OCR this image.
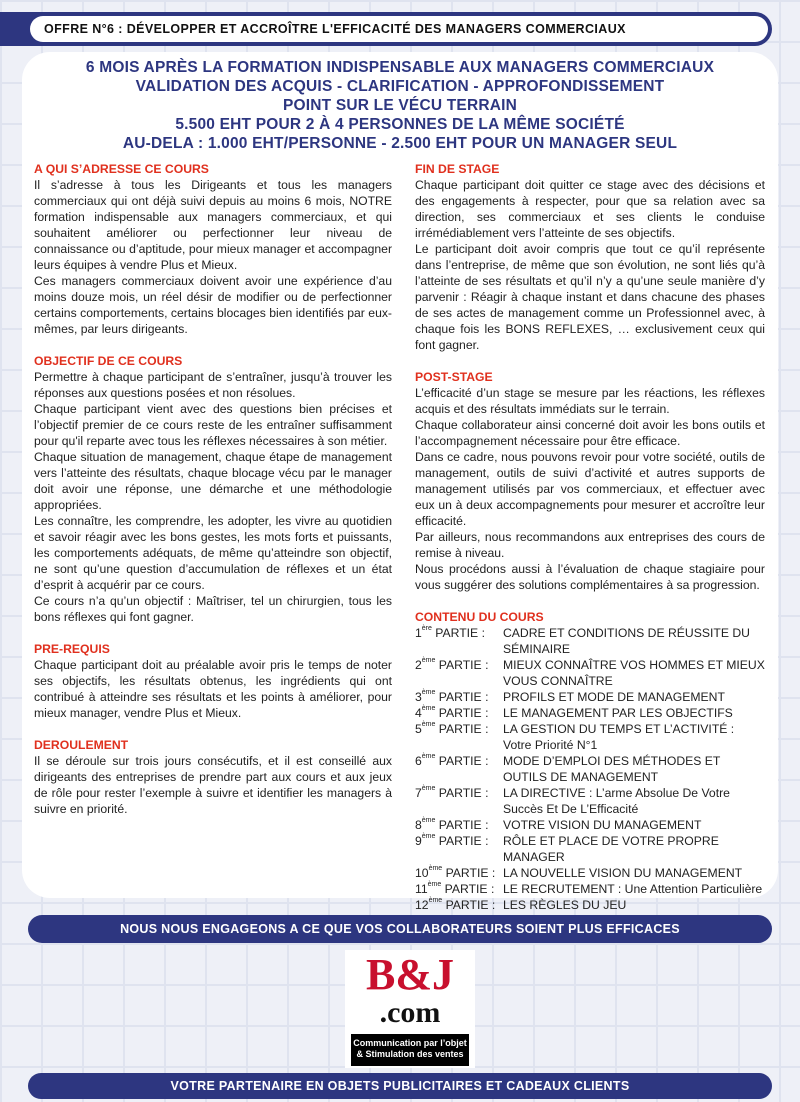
OFFRE N°6 : DÉVELOPPER ET ACCROÎTRE L'EFFICACITÉ DES MANAGERS COMMERCIAUX
6 MOIS APRÈS LA FORMATION INDISPENSABLE AUX MANAGERS COMMERCIAUX
VALIDATION DES ACQUIS - CLARIFICATION - APPROFONDISSEMENT
POINT SUR LE VÉCU TERRAIN
5.500 EHT POUR 2 À 4 PERSONNES DE LA MÊME SOCIÉTÉ
AU-DELA : 1.000 EHT/PERSONNE - 2.500 EHT POUR UN MANAGER SEUL
A QUI S’ADRESSE CE COURS

Il s’adresse à tous les Dirigeants et tous les managers commerciaux qui ont déjà suivi depuis au moins 6 mois, NOTRE formation indispensable aux managers commerciaux, et qui souhaitent améliorer ou perfectionner leur niveau de connaissance ou d’aptitude, pour mieux manager et accompagner leurs équipes à vendre Plus et Mieux.

Ces managers commerciaux doivent avoir une expérience d’au moins douze mois, un réel désir de modifier ou de perfectionner certains comportements, certains blocages bien identifiés par eux-mêmes, par leurs dirigeants.

OBJECTIF DE CE COURS

Permettre à chaque participant de s’entraîner, jusqu’à trouver les réponses aux questions posées et non résolues.

Chaque participant vient avec des questions bien précises et l’objectif premier de ce cours reste de les entraîner suffisamment pour qu'il reparte avec tous les réflexes nécessaires à son métier.

Chaque situation de management, chaque étape de management vers l’atteinte des résultats, chaque blocage vécu par le manager doit avoir une réponse, une démarche et une méthodologie appropriées.

Les connaître, les comprendre, les adopter, les vivre au quotidien et savoir réagir avec les bons gestes, les mots forts et puissants, les comportements adéquats, de même qu’atteindre son objectif, ne sont qu’une question d’accumulation de réflexes et un état d’esprit à acquérir par ce cours.

Ce cours n’a qu’un objectif : Maîtriser, tel un chirurgien, tous les bons réflexes qui font gagner.

PRE-REQUIS

Chaque participant doit au préalable avoir pris le temps de noter ses objectifs, les résultats obtenus, les ingrédients qui ont contribué à atteindre ses résultats et les points à améliorer, pour mieux manager, vendre Plus et Mieux.

DEROULEMENT

Il se déroule sur trois jours consécutifs, et il est conseillé aux dirigeants des entreprises de prendre part aux cours et aux jeux de rôle pour rester l’exemple à suivre et identifier les managers à suivre en priorité.

FIN DE STAGE

Chaque participant doit quitter ce stage avec des décisions et des engagements à respecter, pour que sa relation avec sa direction, ses commerciaux et ses clients le conduise irrémédiablement vers l’atteinte de ses objectifs.

Le participant doit avoir compris que tout ce qu’il représente dans l’entreprise, de même que son évolution, ne sont liés qu’à l’atteinte de ses résultats et qu’il n’y a qu’une seule manière d’y parvenir : Réagir à chaque instant et dans chacune des phases de ses actes de management comme un Professionnel avec, à chaque fois les BONS REFLEXES, … exclusivement ceux qui font gagner.

POST-STAGE

L’efficacité d’un stage se mesure par les réactions, les réflexes acquis et des résultats immédiats sur le terrain.

Chaque collaborateur ainsi concerné doit avoir les bons outils et l’accompagnement nécessaire pour être efficace.

Dans ce cadre, nous pouvons revoir pour votre société, outils de management, outils de suivi d’activité et autres supports de management utilisés par vos commerciaux, et effectuer avec eux un à deux accompagnements pour mesurer et accroître leur efficacité.

Par ailleurs, nous recommandons aux entreprises des cours de remise à niveau.

Nous procédons aussi à l’évaluation de chaque stagiaire pour vous suggérer des solutions complémentaires à sa progression.

CONTENU DU COURS
1ère PARTIE :	CADRE ET CONDITIONS DE RÉUSSITE DU SÉMINAIRE
2ème PARTIE :	MIEUX CONNAÎTRE VOS HOMMES ET MIEUX VOUS CONNAÎTRE
3ème PARTIE :	PROFILS ET MODE DE MANAGEMENT
4ème PARTIE :	LE MANAGEMENT PAR LES OBJECTIFS
5ème PARTIE :	LA GESTION DU TEMPS ET L’ACTIVITÉ : Votre Priorité N°1
6ème PARTIE :	MODE D’EMPLOI DES MÉTHODES ET OUTILS DE MANAGEMENT
7ème PARTIE :	LA DIRECTIVE : L’arme Absolue De Votre Succès Et De L’Efficacité
8ème PARTIE :	VOTRE VISION DU MANAGEMENT
9ème PARTIE :	RÔLE ET PLACE DE VOTRE PROPRE MANAGER
10ème PARTIE : LA NOUVELLE VISION DU MANAGEMENT
11ème PARTIE : LE RECRUTEMENT : Une Attention Particulière
12ème PARTIE : LES RÈGLES DU JEU
NOUS NOUS ENGAGEONS A CE QUE VOS COLLABORATEURS SOIENT PLUS EFFICACES
B&J
.com
Communication par l’objet
& Stimulation des ventes
VOTRE PARTENAIRE EN OBJETS PUBLICITAIRES ET CADEAUX CLIENTS
